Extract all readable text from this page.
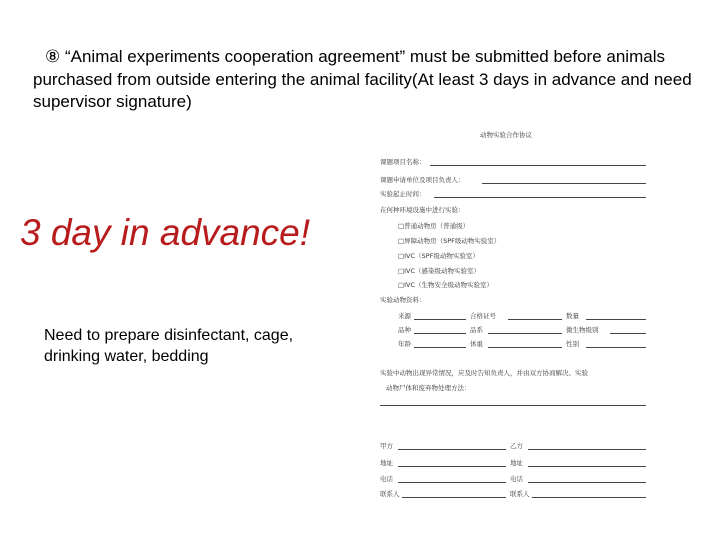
⑧ “Animal experiments cooperation agreement” must be submitted before animals purchased from outside entering the animal facility(At least 3 days in advance and need supervisor signature)
3 day in advance!
Need to prepare disinfectant, cage, drinking water, bedding
动物实验合作协议
课题项目名称：
课题申请单位及项目负责人：
实验起止时间：
在何种环境设施中进行实验：
□普通动物房（普通级）
□屏障动物房（SPF级动物实验室）
□IVC（SPF级动物实验室）
□IVC（感染级动物实验室）
□IVC（生物安全级动物实验室）
实验动物资料：
来源	合格证号	数量
品种	品系	微生物级别
年龄	体重	性别
实验中动物出现异常情况，应及时告知负责人，并由双方协商解决。实验
动物尸体和废弃物处理方法：
甲方	乙方
地址	地址
电话	电话
联系人	联系人
